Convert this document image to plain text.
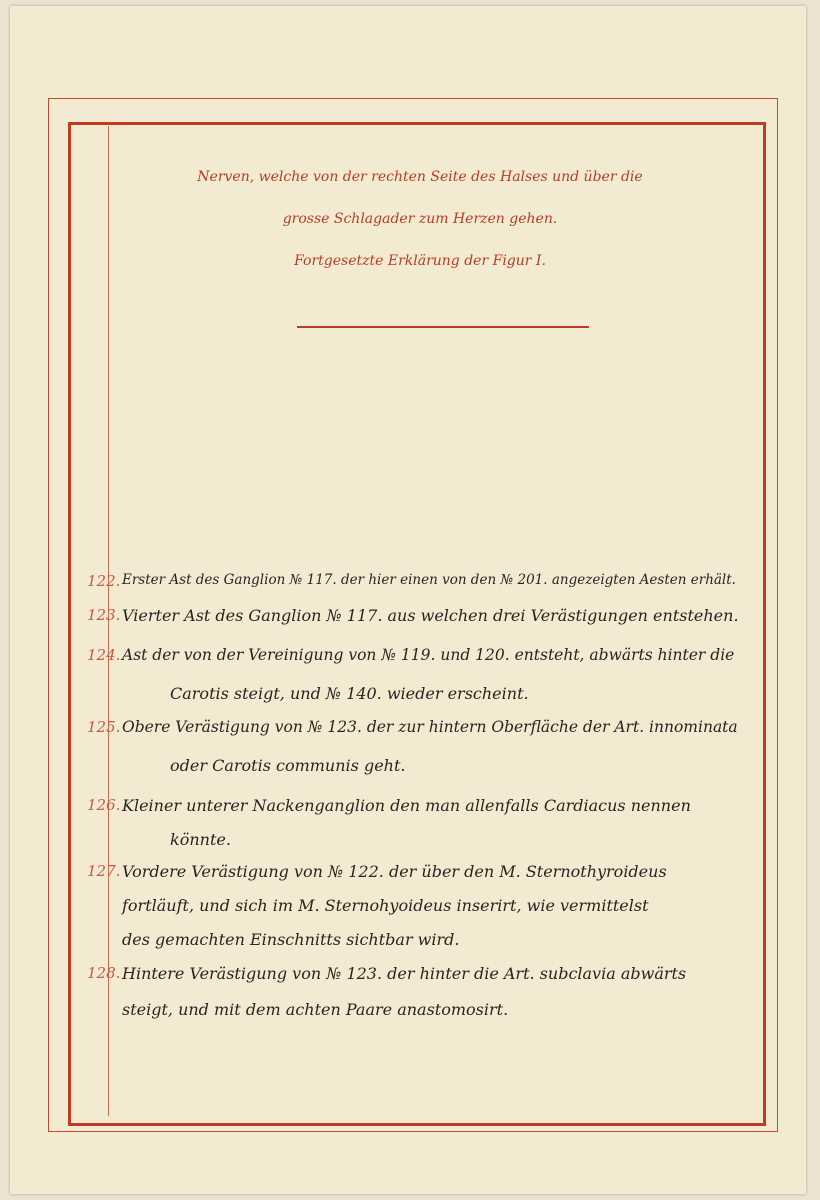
Nerven, welche von der rechten Seite des Halses und über die
grosse Schlagader zum Herzen gehen.
Fortgesetzte Erklärung der Figur I.
122. Erster Ast des Ganglion № 117. der hier einen von den № 201. angezeigten Aesten erhält.
123. Vierter Ast des Ganglion № 117. aus welchen drei Verästigungen entstehen.
124. Ast der von der Vereinigung von № 119. und 120. entsteht, abwärts hinter die
Carotis steigt, und № 140. wieder erscheint.
125. Obere Verästigung von № 123. der zur hintern Oberfläche der Art. innominata
oder Carotis communis geht.
126. Kleiner unterer Nackenganglion den man allenfalls Cardiacus nennen
könnte.
127. Vordere Verästigung von № 122. der über den M. Sternothyroideus
fortläuft, und sich im M. Sternohyoideus inserirt, wie vermittelst
des gemachten Einschnitts sichtbar wird.
128. Hintere Verästigung von № 123. der hinter die Art. subclavia abwärts
steigt, und mit dem achten Paare anastomosirt.
